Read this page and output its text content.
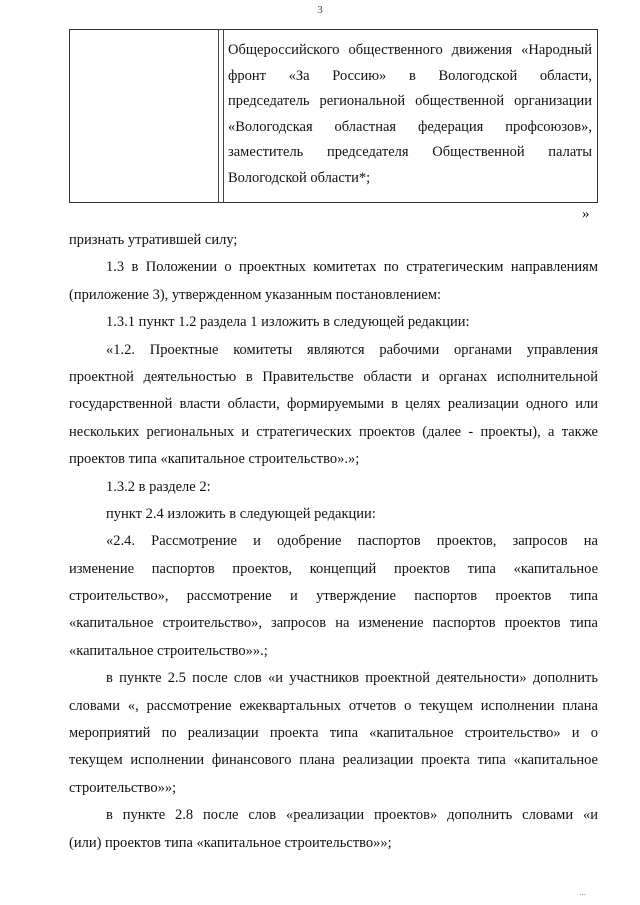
3
Общероссийского общественного движения «Народный
фронт «За Россию» в Вологодской области,
председатель региональной общественной организации
«Вологодская областная федерация профсоюзов»,
заместитель председателя Общественной палаты
Вологодской области*;
»

признать утратившей силу;

1.3 в Положении о проектных комитетах по стратегическим направлениям
(приложение 3), утвержденном указанным постановлением:

1.3.1 пункт 1.2 раздела 1 изложить в следующей редакции:

«1.2. Проектные комитеты являются рабочими органами управления
проектной деятельностью в Правительстве области и органах исполнительной
государственной власти области, формируемыми в целях реализации одного или
нескольких региональных и стратегических проектов (далее - проекты), а также
проектов типа «капитальное строительство».»;

1.3.2 в разделе 2:

пункт 2.4 изложить в следующей редакции:

«2.4. Рассмотрение и одобрение паспортов проектов, запросов на
изменение паспортов проектов, концепций проектов типа «капитальное
строительство», рассмотрение и утверждение паспортов проектов типа
«капитальное строительство», запросов на изменение паспортов проектов типа
«капитальное строительство»».;

в пункте 2.5 после слов «и участников проектной деятельности» дополнить
словами «, рассмотрение ежеквартальных отчетов о текущем исполнении плана
мероприятий по реализации проекта типа «капитальное строительство» и о
текущем исполнении финансового плана реализации проекта типа «капитальное
строительство»»;

в пункте 2.8 после слов «реализации проектов» дополнить словами «и
(или) проектов типа «капитальное строительство»»;

...
